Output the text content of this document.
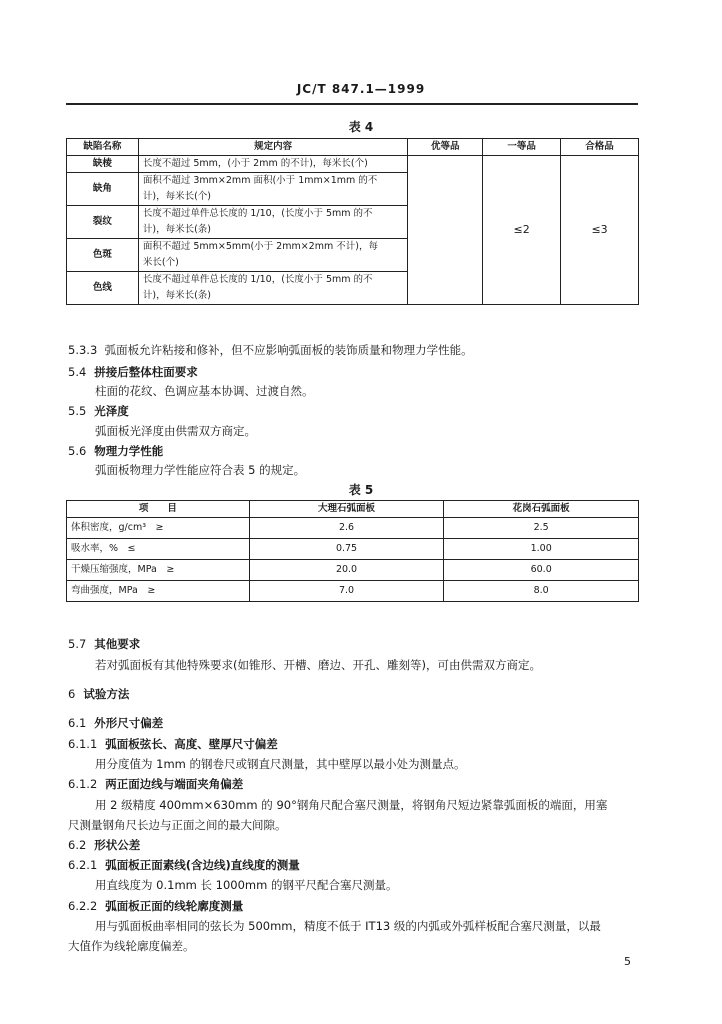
JC/T 847.1—1999
表 4
缺陷名称	规定内容	优等品	一等品	合格品
缺棱	长度不超过 5mm，(小于 2mm 的不计)，每米长(个)		≤2	≤3
缺角	面积不超过 3mm×2mm 面积(小于 1mm×1mm 的不
计)，每米长(个)			

裂纹	长度不超过单件总长度的 1/10，(长度小于 5mm 的不
计)，每米长(条)			

色斑	面积不超过 5mm×5mm(小于 2mm×2mm 不计)，每
米长(个)			

色线	长度不超过单件总长度的 1/10，(长度小于 5mm 的不
计)，每米长(条)			
5.3.3 弧面板允许粘接和修补，但不应影响弧面板的装饰质量和物理力学性能。
5.4 拼接后整体柱面要求
柱面的花纹、色调应基本协调、过渡自然。
5.5 光泽度
弧面板光泽度由供需双方商定。
5.6 物理力学性能
弧面板物理力学性能应符合表 5 的规定。
表 5
项　　目	大理石弧面板	花岗石弧面板
体积密度，g/cm³　≥	2.6	2.5
吸水率，%　≤	0.75	1.00
干燥压缩强度，MPa　≥	20.0	60.0
弯曲强度，MPa　≥	7.0	8.0
5.7 其他要求
若对弧面板有其他特殊要求(如锥形、开槽、磨边、开孔、雕刻等)，可由供需双方商定。
6 试验方法
6.1 外形尺寸偏差
6.1.1 弧面板弦长、高度、壁厚尺寸偏差
用分度值为 1mm 的钢卷尺或钢直尺测量，其中壁厚以最小处为测量点。
6.1.2 两正面边线与端面夹角偏差
用 2 级精度 400mm×630mm 的 90°钢角尺配合塞尺测量，将钢角尺短边紧靠弧面板的端面，用塞
尺测量钢角尺长边与正面之间的最大间隙。
6.2 形状公差
6.2.1 弧面板正面素线(含边线)直线度的测量
用直线度为 0.1mm 长 1000mm 的钢平尺配合塞尺测量。
6.2.2 弧面板正面的线轮廓度测量
用与弧面板曲率相同的弦长为 500mm，精度不低于 IT13 级的内弧或外弧样板配合塞尺测量，以最
大值作为线轮廓度偏差。
5
